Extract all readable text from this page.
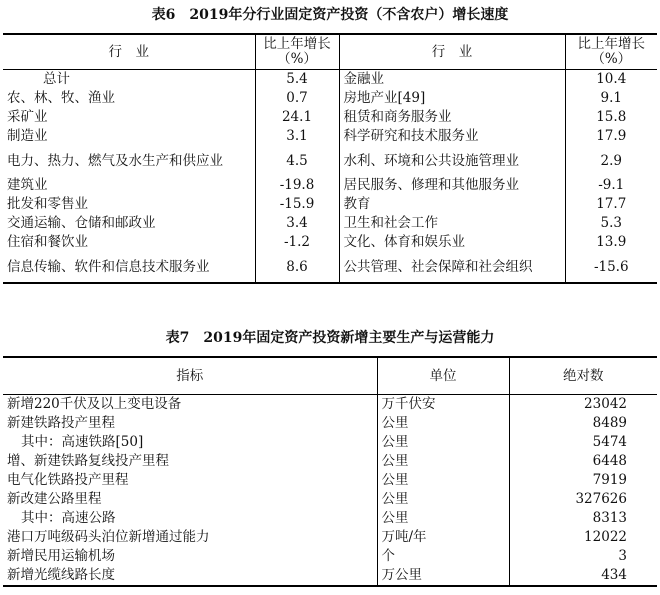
表6　2019年分行业固定资产投资（不含农户）增长速度
行　业	比上年增长（%）	行　业	比上年增长（%）
总计	5.4	金融业	10.4
农、林、牧、渔业	0.7	房地产业[49]	9.1
采矿业	24.1	租赁和商务服务业	15.8
制造业	3.1	科学研究和技术服务业	17.9
电力、热力、燃气及水生产和供应业	4.5	水利、环境和公共设施管理业	2.9
建筑业	-19.8	居民服务、修理和其他服务业	-9.1
批发和零售业	-15.9	教育	17.7
交通运输、仓储和邮政业	3.4	卫生和社会工作	5.3
住宿和餐饮业	-1.2	文化、体育和娱乐业	13.9
信息传输、软件和信息技术服务业	8.6	公共管理、社会保障和社会组织	-15.6
表7　2019年固定资产投资新增主要生产与运营能力
指标	单位	绝对数
新增220千伏及以上变电设备	万千伏安	23042
新建铁路投产里程	公里	8489
其中：高速铁路[50]	公里	5474
增、新建铁路复线投产里程	公里	6448
电气化铁路投产里程	公里	7919
新改建公路里程	公里	327626
其中：高速公路	公里	8313
港口万吨级码头泊位新增通过能力	万吨/年	12022
新增民用运输机场	个	3
新增光缆线路长度	万公里	434
